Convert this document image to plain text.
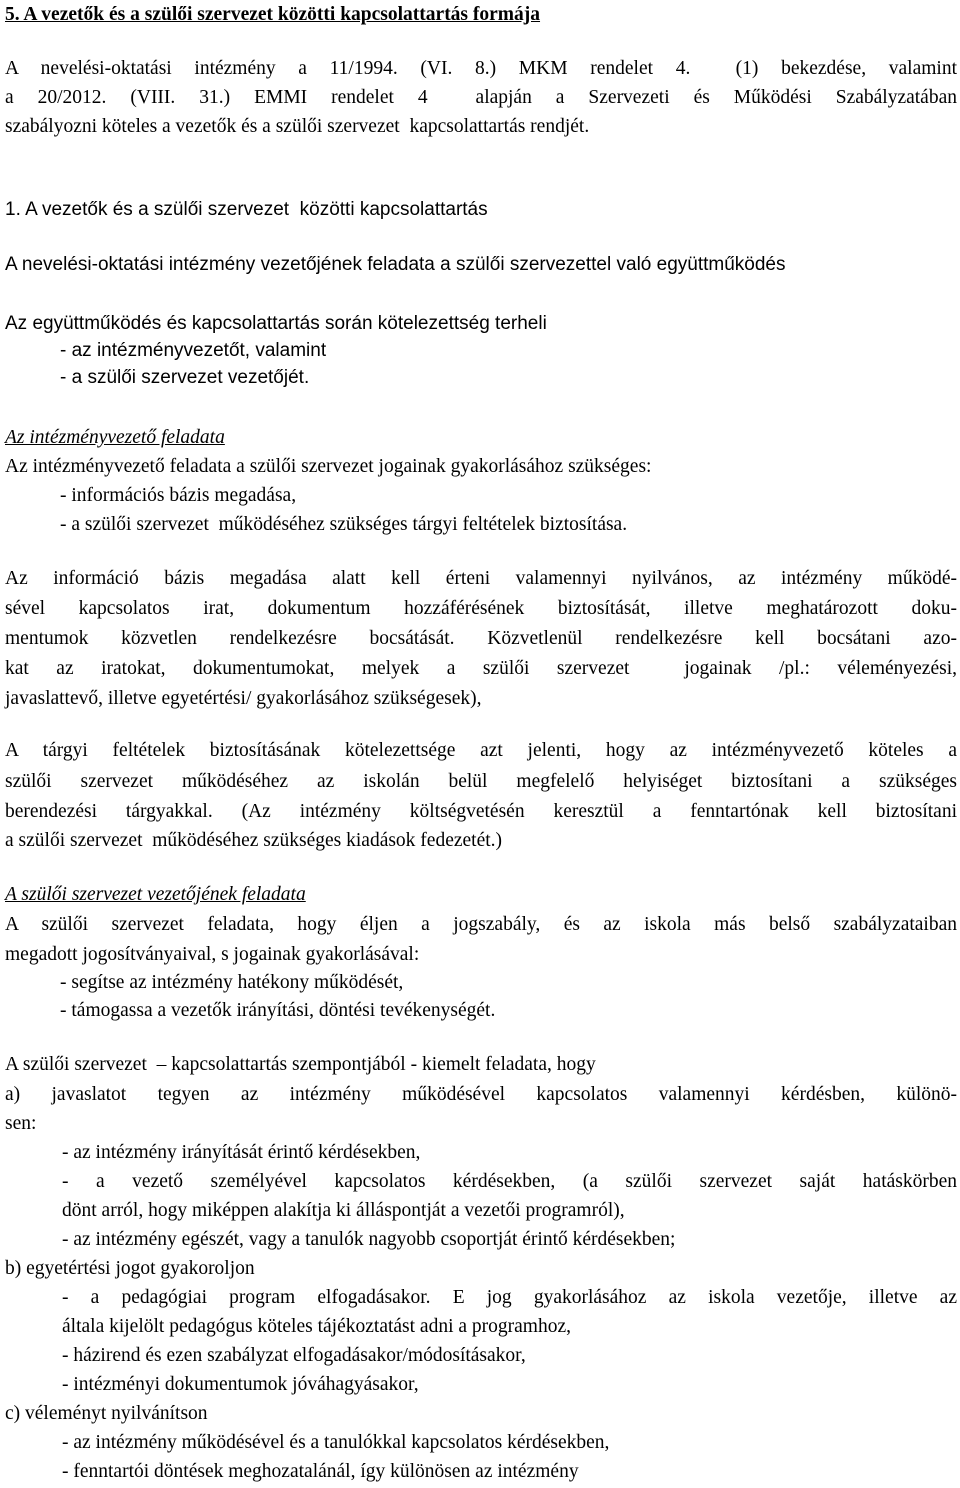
5. A vezetők és a szülői szervezet közötti kapcsolattartás formája

A nevelési-oktatási intézmény a 11/1994. (VI. 8.) MKM rendelet 4.  (1) bekezdése, valamint

a 20/2012. (VIII. 31.) EMMI rendelet 4  alapján a Szervezeti és Működési Szabályzatában

szabályozni köteles a vezetők és a szülői szervezet  kapcsolattartás rendjét.

1. A vezetők és a szülői szervezet  közötti kapcsolattartás

A nevelési-oktatási intézmény vezetőjének feladata a szülői szervezettel való együttműködés

Az együttműködés és kapcsolattartás során kötelezettség terheli

- az intézményvezetőt, valamint

- a szülői szervezet vezetőjét.

Az intézményvezető feladata

Az intézményvezető feladata a szülői szervezet jogainak gyakorlásához szükséges:

- információs bázis megadása,

- a szülői szervezet  működéséhez szükséges tárgyi feltételek biztosítása.

Az információ bázis megadása alatt kell érteni valamennyi nyilvános, az intézmény működé-

sével kapcsolatos irat, dokumentum hozzáférésének biztosítását, illetve meghatározott doku-

mentumok közvetlen rendelkezésre bocsátását. Közvetlenül rendelkezésre kell bocsátani azo-

kat az iratokat, dokumentumokat, melyek a szülői szervezet  jogainak /pl.: véleményezési,

javaslattevő, illetve egyetértési/ gyakorlásához szükségesek),

A tárgyi feltételek biztosításának kötelezettsége azt jelenti, hogy az intézményvezető köteles a

szülői szervezet működéséhez az iskolán belül megfelelő helyiséget biztosítani a szükséges

berendezési tárgyakkal. (Az intézmény költségvetésén keresztül a fenntartónak kell biztosítani

a szülői szervezet  működéséhez szükséges kiadások fedezetét.)

A szülői szervezet vezetőjének feladata

A szülői szervezet feladata, hogy éljen a jogszabály, és az iskola más belső szabályzataiban

megadott jogosítványaival, s jogainak gyakorlásával:

- segítse az intézmény hatékony működését,

- támogassa a vezetők irányítási, döntési tevékenységét.

A szülői szervezet  – kapcsolattartás szempontjából - kiemelt feladata, hogy

a) javaslatot tegyen az intézmény működésével kapcsolatos valamennyi kérdésben, különö-

sen:

- az intézmény irányítását érintő kérdésekben,

- a vezető személyével kapcsolatos kérdésekben, (a szülői szervezet saját hatáskörben

dönt arról, hogy miképpen alakítja ki álláspontját a vezetői programról),

- az intézmény egészét, vagy a tanulók nagyobb csoportját érintő kérdésekben;

b) egyetértési jogot gyakoroljon

- a pedagógiai program elfogadásakor. E jog gyakorlásához az iskola vezetője, illetve az

általa kijelölt pedagógus köteles tájékoztatást adni a programhoz,

- házirend és ezen szabályzat elfogadásakor/módosításakor,

- intézményi dokumentumok jóváhagyásakor,

c) véleményt nyilvánítson

- az intézmény működésével és a tanulókkal kapcsolatos kérdésekben,

- fenntartói döntések meghozatalánál, így különösen az intézmény
